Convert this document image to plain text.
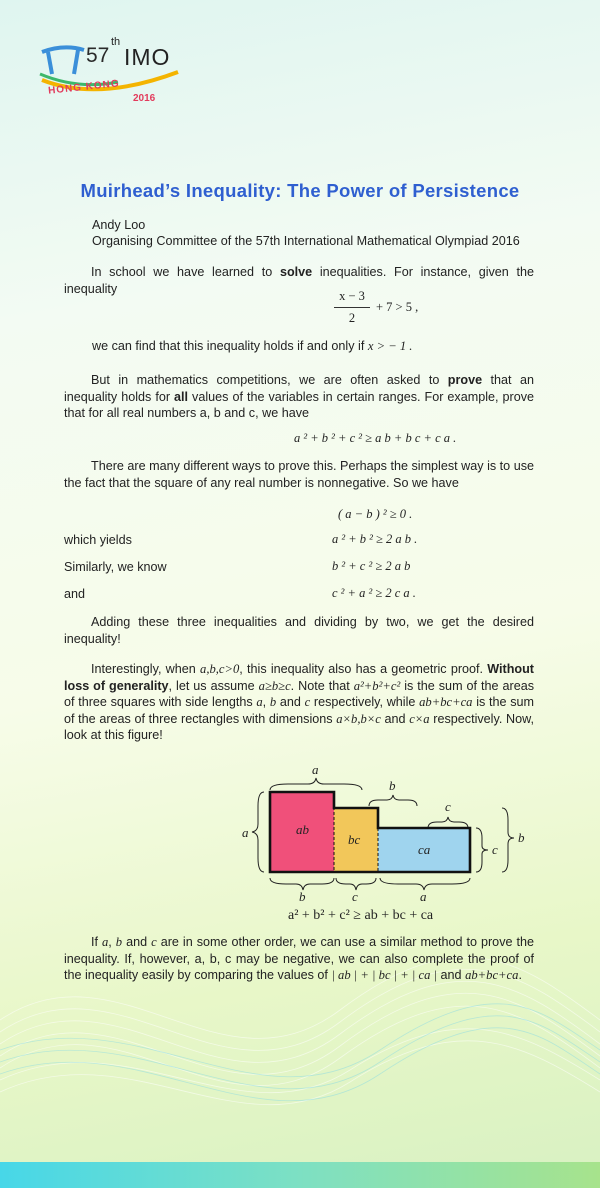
57
th
IMO
HONG KONG
2016
Muirhead’s Inequality: The Power of Persistence
Andy Loo
Organising Committee of the 57th International Mathematical Olympiad 2016

In school we have learned to solve inequalities. For instance, given the inequality

x − 3
2
+ 7 > 5 ,

we can find that this inequality holds if and only if x > − 1 .

But in mathematics competitions, we are often asked to prove that an inequality holds for all values of the variables in certain ranges. For example, prove that for all real numbers a, b and c, we have

a ² + b ² + c ² ≥ a b + b c + c a .

There are many different ways to prove this. Perhaps the simplest way is to use the fact that the square of any real number is nonnegative. So we have

( a − b ) ² ≥ 0 .
which yields	a ² + b ² ≥ 2 a b .
Similarly, we know	b ² + c ² ≥ 2 a b
and	c ² + a ² ≥ 2 c a .

Adding these three inequalities and dividing by two, we get the desired inequality!

Interestingly, when a,b,c>0, this inequality also has a geometric proof. Without loss of generality, let us assume a≥b≥c. Note that a²+b²+c² is the sum of the areas of three squares with side lengths a, b and c respectively, while ab+bc+ca is the sum of the areas of three rectangles with dimensions a×b,b×c and c×a respectively. Now, look at this figure!

a
b
c
ab
bc
ca
a
c
b
b	c	a
a² + b² + c² ≥ ab + bc + ca

If a, b and c are in some other order, we can use a similar method to prove the inequality. If, however, a, b, c may be negative, we can also complete the proof of the inequality easily by comparing the values of | ab | + | bc | + | ca | and ab+bc+ca.
